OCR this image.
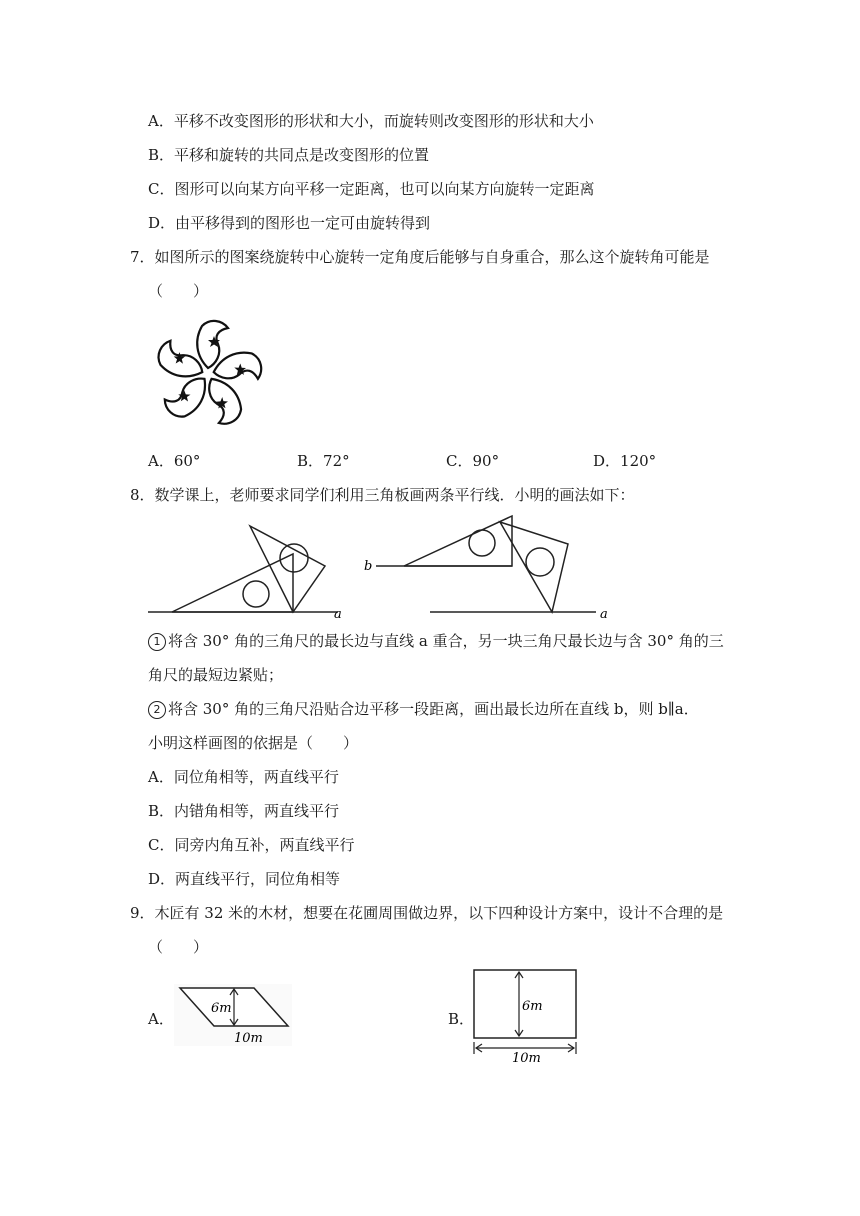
A．平移不改变图形的形状和大小，而旋转则改变图形的形状和大小
B．平移和旋转的共同点是改变图形的位置
C．图形可以向某方向平移一定距离，也可以向某方向旋转一定距离
D．由平移得到的图形也一定可由旋转得到
7．如图所示的图案绕旋转中心旋转一定角度后能够与自身重合，那么这个旋转角可能是
（　　）
A．60°	B．72°	C．90°	D．120°
8．数学课上，老师要求同学们利用三角板画两条平行线．小明的画法如下：
a	a
b
1 将含 30° 角的三角尺的最长边与直线 a 重合，另一块三角尺最长边与含 30° 角的三
角尺的最短边紧贴；
2 将含 30° 角的三角尺沿贴合边平移一段距离，画出最长边所在直线 b，则 b∥a．
小明这样画图的依据是（　　）
A．同位角相等，两直线平行
B．内错角相等，两直线平行
C．同旁内角互补，两直线平行
D．两直线平行，同位角相等
9．木匠有 32 米的木材，想要在花圃周围做边界，以下四种设计方案中，设计不合理的是
（　　）
A．
6m
10m
B．
6m
10m
